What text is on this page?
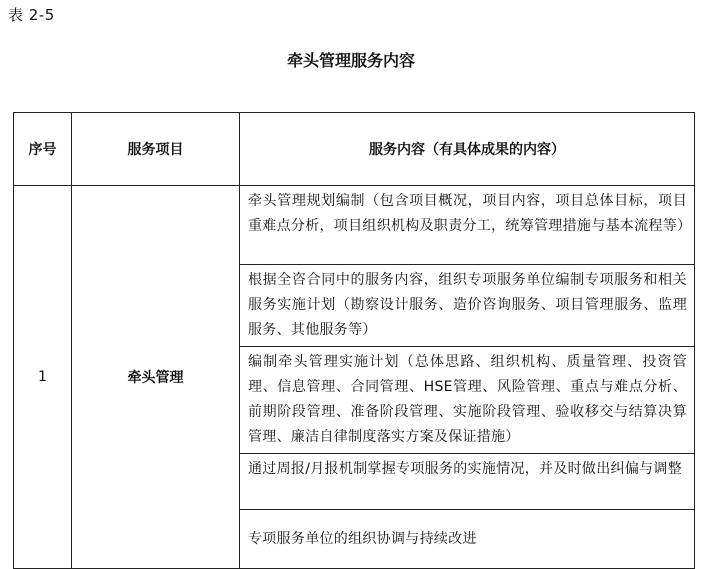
表 2-5
牵头管理服务内容
序号	服务项目	服务内容（有具体成果的内容）
1	牵头管理	牵头管理规划编制（包含项目概况，项目内容，项目总体目标，项目重难点分析，项目组织机构及职责分工，统筹管理措施与基本流程等）
		根据全咨合同中的服务内容，组织专项服务单位编制专项服务和相关服务实施计划（勘察设计服务、造价咨询服务、项目管理服务、监理服务、其他服务等）
		编制牵头管理实施计划（总体思路、组织机构、质量管理、投资管理、信息管理、合同管理、HSE管理、风险管理、重点与难点分析、前期阶段管理、准备阶段管理、实施阶段管理、验收移交与结算决算管理、廉洁自律制度落实方案及保证措施）
		通过周报/月报机制掌握专项服务的实施情况，并及时做出纠偏与调整
		专项服务单位的组织协调与持续改进
